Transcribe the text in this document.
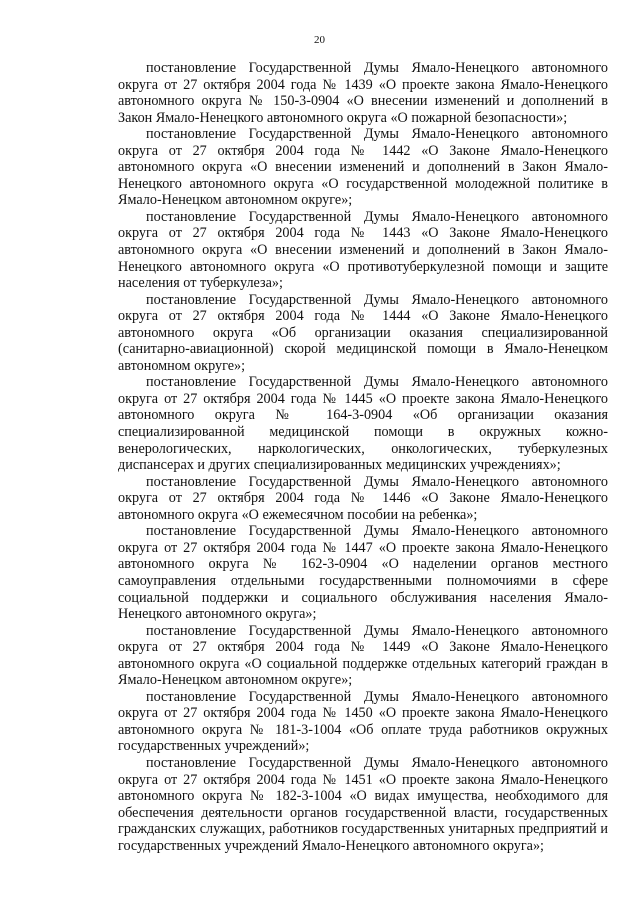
20

постановление Государственной Думы Ямало-Ненецкого автономного округа от 27 октября 2004 года № 1439 «О проекте закона Ямало-Ненецкого автономного округа № 150-3-0904 «О внесении изменений и дополнений в Закон Ямало-Ненецкого автономного округа «О пожарной безопасности»;

постановление Государственной Думы Ямало-Ненецкого автономного округа от 27 октября 2004 года № 1442 «О Законе Ямало-Ненецкого автономного округа «О внесении изменений и дополнений в Закон Ямало-Ненецкого автономного округа «О государственной молодежной политике в Ямало-Ненецком автономном округе»;

постановление Государственной Думы Ямало-Ненецкого автономного округа от 27 октября 2004 года № 1443 «О Законе Ямало-Ненецкого автономного округа «О внесении изменений и дополнений в Закон Ямало-Ненецкого автономного округа «О противотуберкулезной помощи и защите населения от туберкулеза»;

постановление Государственной Думы Ямало-Ненецкого автономного округа от 27 октября 2004 года № 1444 «О Законе Ямало-Ненецкого автономного округа «Об организации оказания специализированной (санитарно-авиационной) скорой медицинской помощи в Ямало-Ненецком автономном округе»;

постановление Государственной Думы Ямало-Ненецкого автономного округа от 27 октября 2004 года № 1445 «О проекте закона Ямало-Ненецкого автономного округа № 164-3-0904 «Об организации оказания специализированной медицинской помощи в окружных кожно-венерологических, наркологических, онкологических, туберкулезных диспансерах и других специализированных медицинских учреждениях»;

постановление Государственной Думы Ямало-Ненецкого автономного округа от 27 октября 2004 года № 1446 «О Законе Ямало-Ненецкого автономного округа «О ежемесячном пособии на ребенка»;

постановление Государственной Думы Ямало-Ненецкого автономного округа от 27 октября 2004 года № 1447 «О проекте закона Ямало-Ненецкого автономного округа № 162-3-0904 «О наделении органов местного самоуправления отдельными государственными полномочиями в сфере социальной поддержки и социального обслуживания населения Ямало-Ненецкого автономного округа»;

постановление Государственной Думы Ямало-Ненецкого автономного округа от 27 октября 2004 года № 1449 «О Законе Ямало-Ненецкого автономного округа «О социальной поддержке отдельных категорий граждан в Ямало-Ненецком автономном округе»;

постановление Государственной Думы Ямало-Ненецкого автономного округа от 27 октября 2004 года № 1450 «О проекте закона Ямало-Ненецкого автономного округа № 181-3-1004 «Об оплате труда работников окружных государственных учреждений»;

постановление Государственной Думы Ямало-Ненецкого автономного округа от 27 октября 2004 года № 1451 «О проекте закона Ямало-Ненецкого автономного округа № 182-3-1004 «О видах имущества, необходимого для обеспечения деятельности органов государственной власти, государственных гражданских служащих, работников государственных унитарных предприятий и государственных учреждений Ямало-Ненецкого автономного округа»;
